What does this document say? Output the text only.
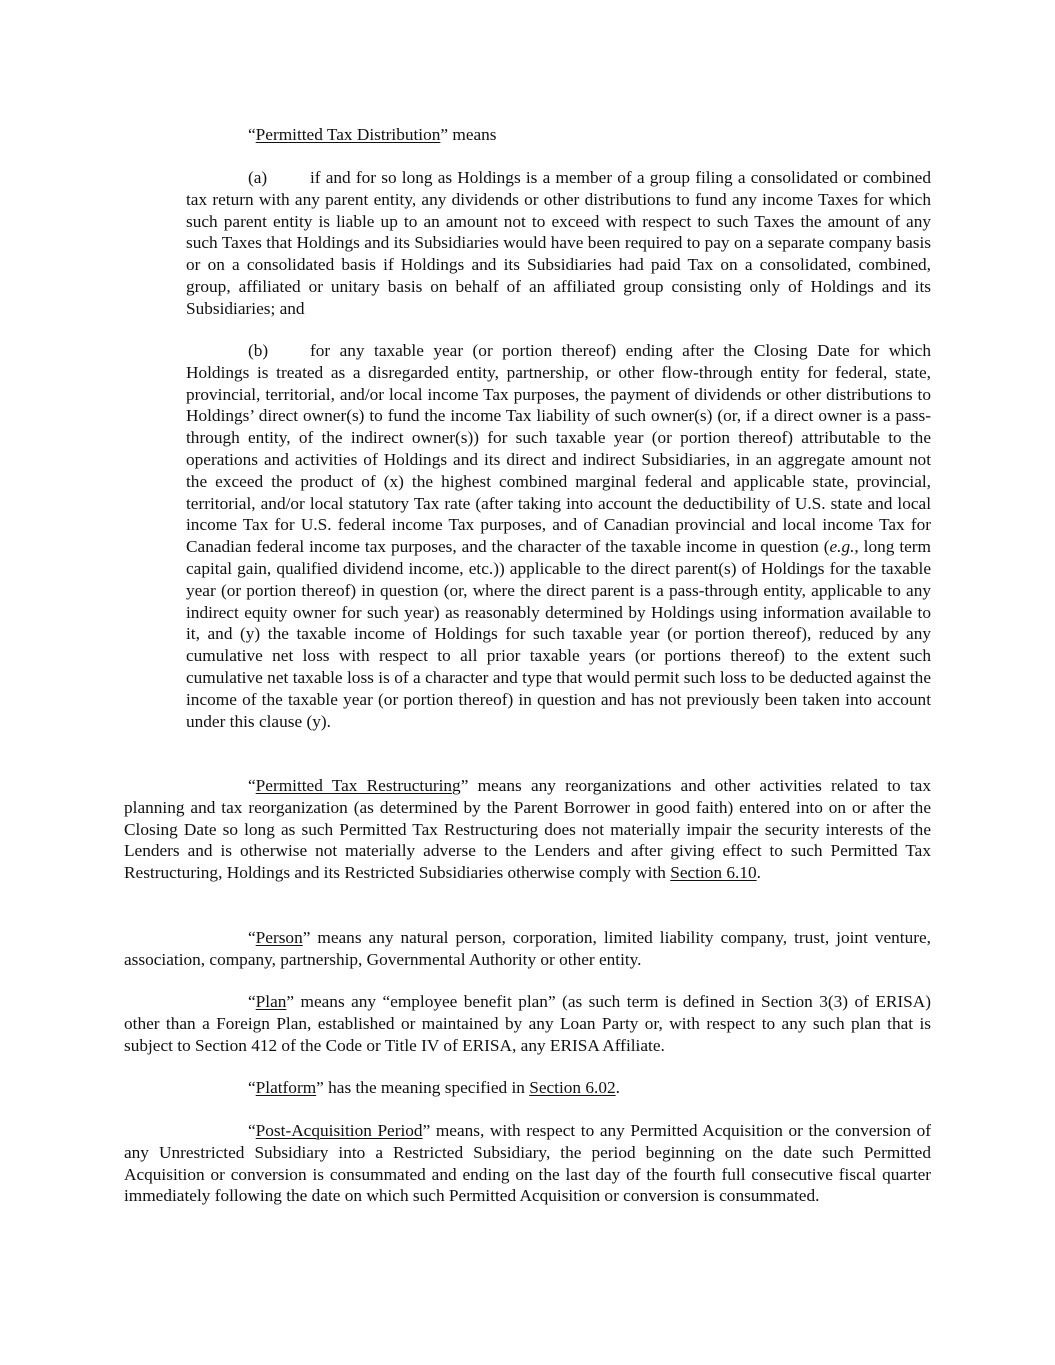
“Permitted Tax Distribution” means

(a) if and for so long as Holdings is a member of a group filing a consolidated or combined tax return with any parent entity, any dividends or other distributions to fund any income Taxes for which such parent entity is liable up to an amount not to exceed with respect to such Taxes the amount of any such Taxes that Holdings and its Subsidiaries would have been required to pay on a separate company basis or on a consolidated basis if Holdings and its Subsidiaries had paid Tax on a consolidated, combined, group, affiliated or unitary basis on behalf of an affiliated group consisting only of Holdings and its Subsidiaries; and

(b) for any taxable year (or portion thereof) ending after the Closing Date for which Holdings is treated as a disregarded entity, partnership, or other flow-through entity for federal, state, provincial, territorial, and/or local income Tax purposes, the payment of dividends or other distributions to Holdings’ direct owner(s) to fund the income Tax liability of such owner(s) (or, if a direct owner is a pass-through entity, of the indirect owner(s)) for such taxable year (or portion thereof) attributable to the operations and activities of Holdings and its direct and indirect Subsidiaries, in an aggregate amount not the exceed the product of (x) the highest combined marginal federal and applicable state, provincial, territorial, and/or local statutory Tax rate (after taking into account the deductibility of U.S. state and local income Tax for U.S. federal income Tax purposes, and of Canadian provincial and local income Tax for Canadian federal income tax purposes, and the character of the taxable income in question (e.g., long term capital gain, qualified dividend income, etc.)) applicable to the direct parent(s) of Holdings for the taxable year (or portion thereof) in question (or, where the direct parent is a pass-through entity, applicable to any indirect equity owner for such year) as reasonably determined by Holdings using information available to it, and (y) the taxable income of Holdings for such taxable year (or portion thereof), reduced by any cumulative net loss with respect to all prior taxable years (or portions thereof) to the extent such cumulative net taxable loss is of a character and type that would permit such loss to be deducted against the income of the taxable year (or portion thereof) in question and has not previously been taken into account under this clause (y).

“Permitted Tax Restructuring” means any reorganizations and other activities related to tax planning and tax reorganization (as determined by the Parent Borrower in good faith) entered into on or after the Closing Date so long as such Permitted Tax Restructuring does not materially impair the security interests of the Lenders and is otherwise not materially adverse to the Lenders and after giving effect to such Permitted Tax Restructuring, Holdings and its Restricted Subsidiaries otherwise comply with Section 6.10.

“Person” means any natural person, corporation, limited liability company, trust, joint venture, association, company, partnership, Governmental Authority or other entity.

“Plan” means any “employee benefit plan” (as such term is defined in Section 3(3) of ERISA) other than a Foreign Plan, established or maintained by any Loan Party or, with respect to any such plan that is subject to Section 412 of the Code or Title IV of ERISA, any ERISA Affiliate.

“Platform” has the meaning specified in Section 6.02.

“Post-Acquisition Period” means, with respect to any Permitted Acquisition or the conversion of any Unrestricted Subsidiary into a Restricted Subsidiary, the period beginning on the date such Permitted Acquisition or conversion is consummated and ending on the last day of the fourth full consecutive fiscal quarter immediately following the date on which such Permitted Acquisition or conversion is consummated.
